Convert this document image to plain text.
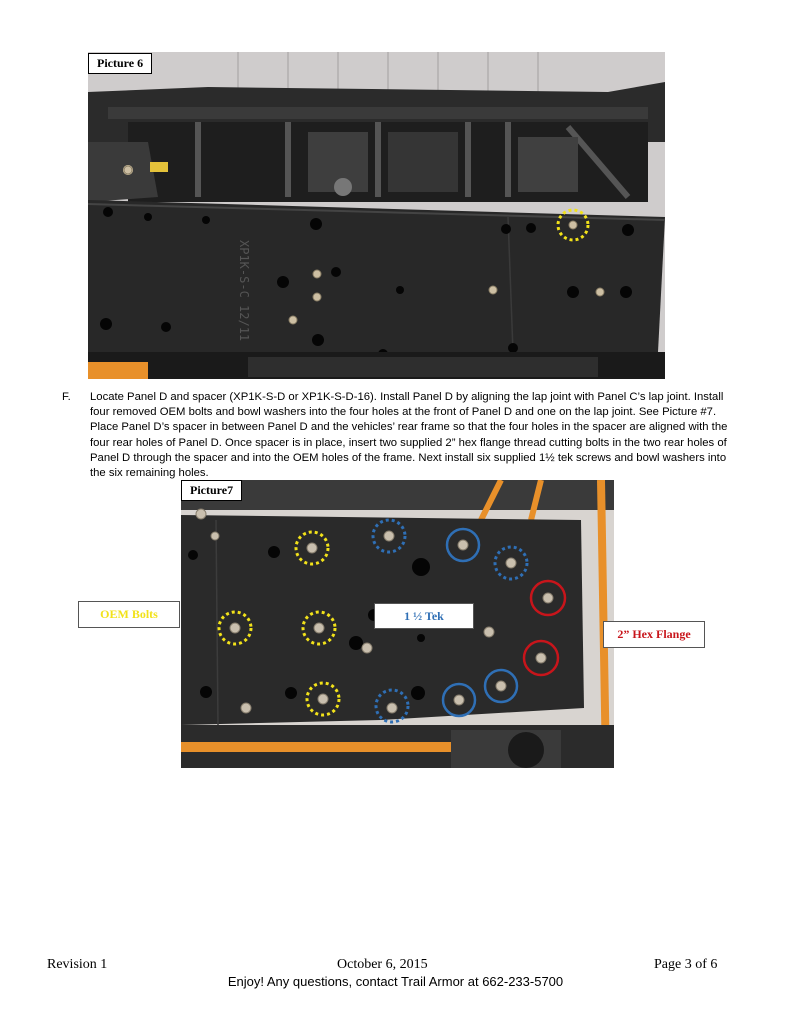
XP1K-S-C 12/11
Picture 6
F. Locate Panel D and spacer (XP1K-S-D or XP1K-S-D-16). Install Panel D by aligning the lap joint with Panel C’s lap joint. Install four removed OEM bolts and bowl washers into the four holes at the front of Panel D and one on the lap joint. See Picture #7. Place Panel D’s spacer in between Panel D and the vehicles’ rear frame so that the four holes in the spacer are aligned with the four rear holes of Panel D. Once spacer is in place, insert two supplied 2” hex flange thread cutting bolts in the two rear holes of Panel D through the spacer and into the OEM holes of the frame. Next install six supplied 1½ tek screws and bowl washers into the six remaining holes.
Picture7
OEM Bolts	1 ½ Tek
2” Hex Flange
Revision 1	October 6, 2015	Page 3 of 6
Enjoy! Any questions, contact Trail Armor at 662-233-5700
